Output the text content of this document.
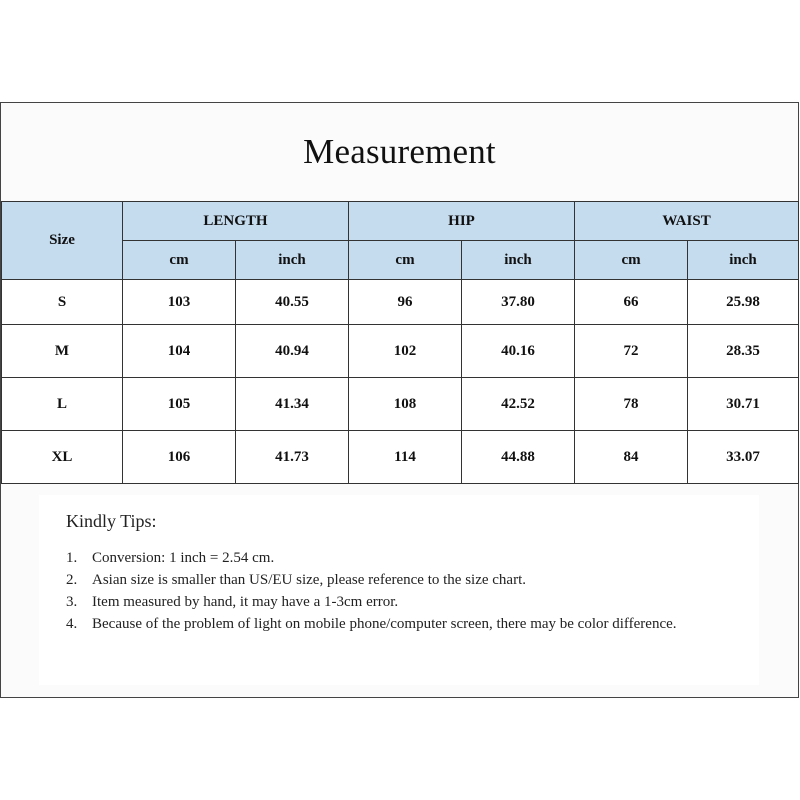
Measurement
Size	LENGTH		HIP		WAIST	
	cm	inch	cm	inch	cm	inch
S	103	40.55	96	37.80	66	25.98
M	104	40.94	102	40.16	72	28.35
L	105	41.34	108	42.52	78	30.71
XL	106	41.73	114	44.88	84	33.07
Kindly Tips:
1. Conversion: 1 inch = 2.54 cm.
2. Asian size is smaller than US/EU size, please reference to the size chart.
3. Item measured by hand, it may have a 1-3cm error.
4. Because of the problem of light on mobile phone/computer screen, there may be color difference.
